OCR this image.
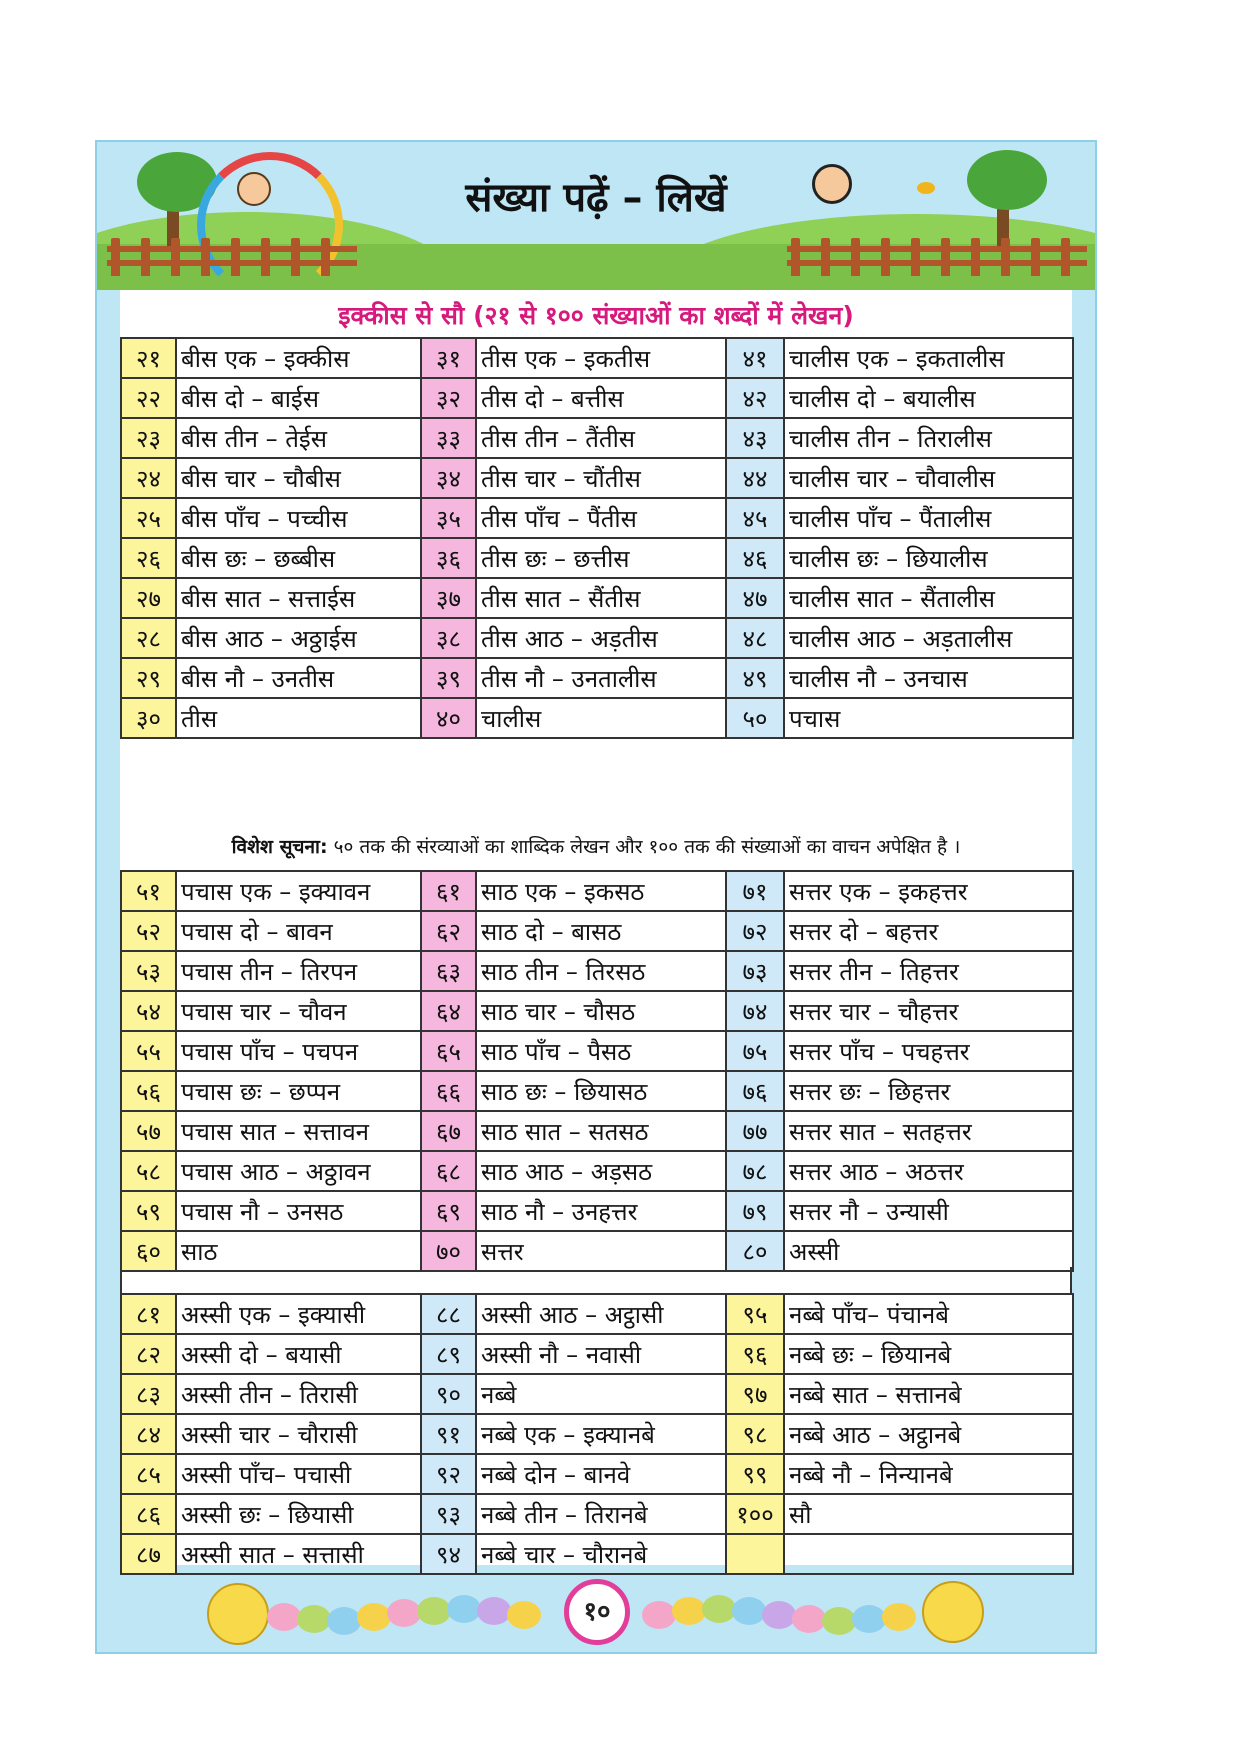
संख्या पढ़ें – लिखें
इक्कीस से सौ (२१ से १०० संख्याओं का शब्दों में लेखन)
२१	बीस एक – इक्कीस	३१	तीस एक – इकतीस	४१	चालीस एक – इकतालीस
२२	बीस दो – बाईस	३२	तीस दो – बत्तीस	४२	चालीस दो – बयालीस
२३	बीस तीन – तेईस	३३	तीस तीन – तैंतीस	४३	चालीस तीन – तिरालीस
२४	बीस चार – चौबीस	३४	तीस चार – चौंतीस	४४	चालीस चार – चौवालीस
२५	बीस पाँच – पच्चीस	३५	तीस पाँच – पैंतीस	४५	चालीस पाँच – पैंतालीस
२६	बीस छः – छब्बीस	३६	तीस छः – छत्तीस	४६	चालीस छः – छियालीस
२७	बीस सात – सत्ताईस	३७	तीस सात – सैंतीस	४७	चालीस सात – सैंतालीस
२८	बीस आठ – अठ्ठाईस	३८	तीस आठ – अड़तीस	४८	चालीस आठ – अड़तालीस
२९	बीस नौ – उनतीस	३९	तीस नौ – उनतालीस	४९	चालीस नौ – उनचास
३०	तीस	४०	चालीस	५०	पचास
विशेश सूचना: ५० तक की संरव्याओं का शाब्दिक लेखन और १०० तक की संख्याओं का वाचन अपेक्षित है ।
५१	पचास एक – इक्यावन	६१	साठ एक – इकसठ	७१	सत्तर एक – इकहत्तर
५२	पचास दो – बावन	६२	साठ दो – बासठ	७२	सत्तर दो – बहत्तर
५३	पचास तीन – तिरपन	६३	साठ तीन – तिरसठ	७३	सत्तर तीन – तिहत्तर
५४	पचास चार – चौवन	६४	साठ चार – चौसठ	७४	सत्तर चार – चौहत्तर
५५	पचास पाँच – पचपन	६५	साठ पाँच – पैसठ	७५	सत्तर पाँच – पचहत्तर
५६	पचास छः – छप्पन	६६	साठ छः – छियासठ	७६	सत्तर छः – छिहत्तर
५७	पचास सात – सत्तावन	६७	साठ सात – सतसठ	७७	सत्तर सात – सतहत्तर
५८	पचास आठ – अठ्ठावन	६८	साठ आठ – अड़सठ	७८	सत्तर आठ – अठत्तर
५९	पचास नौ – उनसठ	६९	साठ नौ – उनहत्तर	७९	सत्तर नौ – उन्यासी
६०	साठ	७०	सत्तर	८०	अस्सी
८१	अस्सी एक – इक्यासी	८८	अस्सी आठ – अट्ठासी	९५	नब्बे पाँच– पंचानबे
८२	अस्सी दो – बयासी	८९	अस्सी नौ – नवासी	९६	नब्बे छः – छियानबे
८३	अस्सी तीन – तिरासी	९०	नब्बे	९७	नब्बे सात – सत्तानबे
८४	अस्सी चार – चौरासी	९१	नब्बे एक – इक्यानबे	९८	नब्बे आठ – अट्ठानबे
८५	अस्सी पाँच– पचासी	९२	नब्बे दोन – बानवे	९९	नब्बे नौ – निन्यानबे
८६	अस्सी छः – छियासी	९३	नब्बे तीन – तिरानबे	१००	सौ
८७	अस्सी सात – सत्तासी	९४	नब्बे चार – चौरानबे		
१०
